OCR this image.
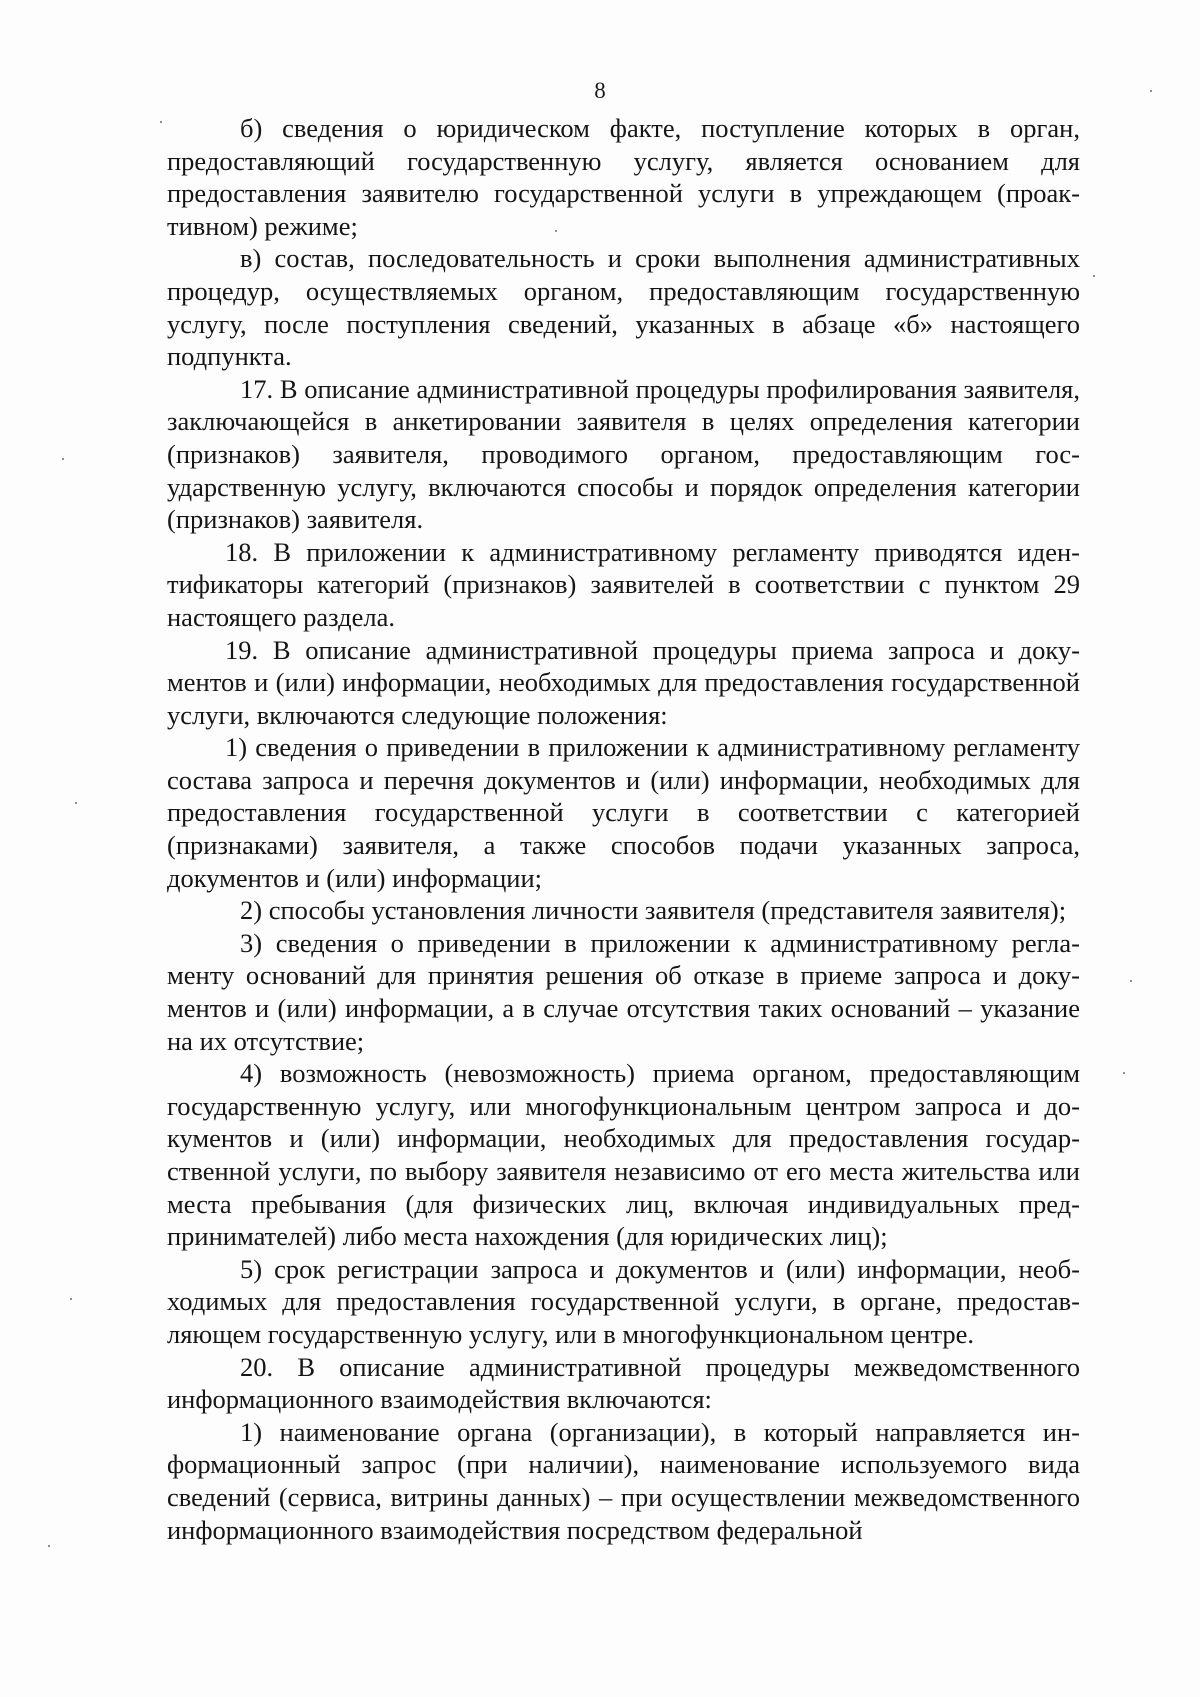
8

б) сведения о юридическом факте, поступление которых в орган, предоставляющий государственную услугу, является основанием для предоставления заявителю государственной услуги в упреждающем (проактивном) режиме;

в) состав, последовательность и сроки выполнения административных процедур, осуществляемых органом, предоставляющим государственную услугу, после поступления сведений, указанных в абзаце «б» настоящего подпункта.

17. В описание административной процедуры профилирования заявителя, заключающейся в анкетировании заявителя в целях определения категории (признаков) заявителя, проводимого органом, предоставляющим государственную услугу, включаются способы и порядок определения категории (признаков) заявителя.

18. В приложении к административному регламенту приводятся идентификаторы категорий (признаков) заявителей в соответствии с пунктом 29 настоящего раздела.

19. В описание административной процедуры приема запроса и документов и (или) информации, необходимых для предоставления государственной услуги, включаются следующие положения:

1) сведения о приведении в приложении к административному регламенту состава запроса и перечня документов и (или) информации, необходимых для предоставления государственной услуги в соответствии с категорией (признаками) заявителя, а также способов подачи указанных запроса, документов и (или) информации;

2) способы установления личности заявителя (представителя заявителя);

3) сведения о приведении в приложении к административному регламенту оснований для принятия решения об отказе в приеме запроса и документов и (или) информации, а в случае отсутствия таких оснований – указание на их отсутствие;

4) возможность (невозможность) приема органом, предоставляющим государственную услугу, или многофункциональным центром запроса и документов и (или) информации, необходимых для предоставления государственной услуги, по выбору заявителя независимо от его места жительства или места пребывания (для физических лиц, включая индивидуальных предпринимателей) либо места нахождения (для юридических лиц);

5) срок регистрации запроса и документов и (или) информации, необходимых для предоставления государственной услуги, в органе, предоставляющем государственную услугу, или в многофункциональном центре.

20. В описание административной процедуры межведомственного информационного взаимодействия включаются:

1) наименование органа (организации), в который направляется информационный запрос (при наличии), наименование используемого вида сведений (сервиса, витрины данных) – при осуществлении межведомственного информационного взаимодействия посредством федеральной
